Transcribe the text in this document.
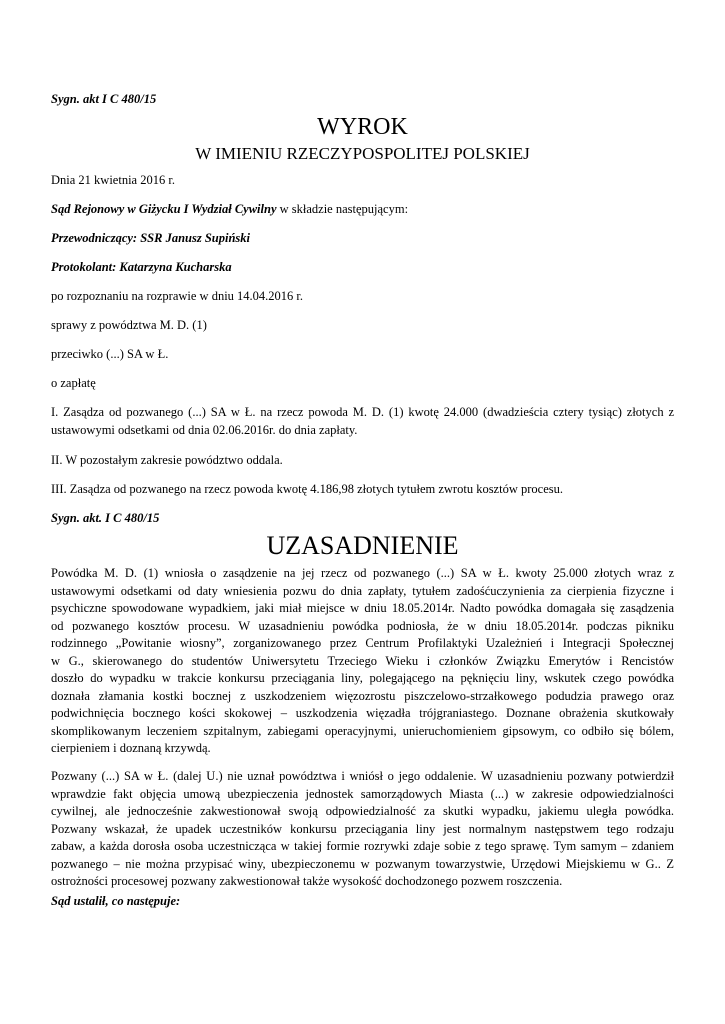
Sygn. akt I C 480/15
WYROK
W IMIENIU RZECZYPOSPOLITEJ POLSKIEJ
Dnia 21 kwietnia 2016 r.
Sąd Rejonowy w Giżycku I Wydział Cywilny w składzie następującym:
Przewodniczący: SSR Janusz Supiński
Protokolant: Katarzyna Kucharska
po rozpoznaniu na rozprawie w dniu 14.04.2016 r.
sprawy z powództwa M. D. (1)
przeciwko (...) SA w Ł.
o zapłatę
I. Zasądza od pozwanego (...) SA w Ł. na rzecz powoda M. D. (1) kwotę 24.000 (dwadzieścia cztery tysiąc) złotych z
ustawowymi odsetkami od dnia 02.06.2016r. do dnia zapłaty.
II. W pozostałym zakresie powództwo oddala.
III. Zasądza od pozwanego na rzecz powoda kwotę 4.186,98 złotych tytułem zwrotu kosztów procesu.
Sygn. akt. I C 480/15
UZASADNIENIE
Powódka M. D. (1) wniosła o zasądzenie na jej rzecz od pozwanego (...) SA w Ł. kwoty 25.000 złotych wraz z
ustawowymi odsetkami od daty wniesienia pozwu do dnia zapłaty, tytułem zadośćuczynienia za cierpienia fizyczne i
psychiczne spowodowane wypadkiem, jaki miał miejsce w dniu 18.05.2014r. Nadto powódka domagała się zasądzenia
od pozwanego kosztów procesu. W uzasadnieniu powódka podniosła, że w dniu 18.05.2014r. podczas pikniku
rodzinnego „Powitanie wiosny”, zorganizowanego przez Centrum Profilaktyki Uzależnień i Integracji Społecznej
w G., skierowanego do studentów Uniwersytetu Trzeciego Wieku i członków Związku Emerytów i Rencistów
doszło do wypadku w trakcie konkursu przeciągania liny, polegającego na pęknięciu liny, wskutek czego powódka
doznała złamania kostki bocznej z uszkodzeniem więzozrostu piszczelowo-strzałkowego podudzia prawego oraz
podwichnięcia bocznego kości skokowej – uszkodzenia więzadła trójgraniastego. Doznane obrażenia skutkowały
skomplikowanym leczeniem szpitalnym, zabiegami operacyjnymi, unieruchomieniem gipsowym, co odbiło się bólem,
cierpieniem i doznaną krzywdą.
Pozwany (...) SA w Ł. (dalej U.) nie uznał powództwa i wniósł o jego oddalenie. W uzasadnieniu pozwany potwierdził
wprawdzie fakt objęcia umową ubezpieczenia jednostek samorządowych Miasta (...) w zakresie odpowiedzialności
cywilnej, ale jednocześnie zakwestionował swoją odpowiedzialność za skutki wypadku, jakiemu uległa powódka.
Pozwany wskazał, że upadek uczestników konkursu przeciągania liny jest normalnym następstwem tego rodzaju
zabaw, a każda dorosła osoba uczestnicząca w takiej formie rozrywki zdaje sobie z tego sprawę. Tym samym – zdaniem
pozwanego – nie można przypisać winy, ubezpieczonemu w pozwanym towarzystwie, Urzędowi Miejskiemu w G.. Z
ostrożności procesowej pozwany zakwestionował także wysokość dochodzonego pozwem roszczenia.
Sąd ustalił, co następuje:
